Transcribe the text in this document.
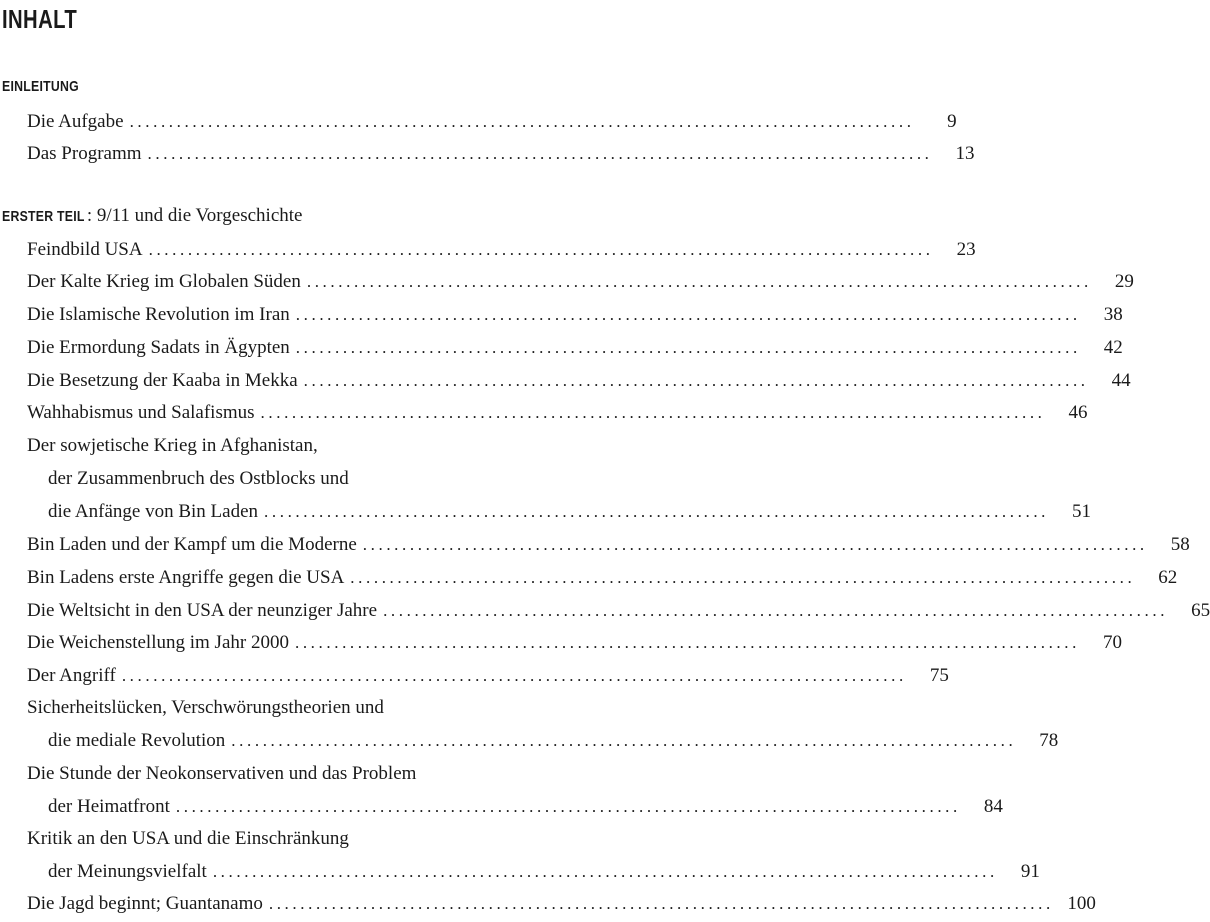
INHALT
EINLEITUNG
Die Aufgabe ....................................................................................................	9
Das Programm ....................................................................................................	13
ERSTER TEIL : 9/11 und die Vorgeschichte
Feindbild USA ....................................................................................................	23
Der Kalte Krieg im Globalen Süden ....................................................................................................	29
Die Islamische Revolution im Iran ....................................................................................................	38
Die Ermordung Sadats in Ägypten ....................................................................................................	42
Die Besetzung der Kaaba in Mekka ....................................................................................................	44
Wahhabismus und Salafismus ....................................................................................................	46
Der sowjetische Krieg in Afghanistan,
der Zusammenbruch des Ostblocks und
die Anfänge von Bin Laden ....................................................................................................	51
Bin Laden und der Kampf um die Moderne ....................................................................................................	58
Bin Ladens erste Angriffe gegen die USA ....................................................................................................	62
Die Weltsicht in den USA der neunziger Jahre ....................................................................................................	65
Die Weichenstellung im Jahr 2000 ....................................................................................................	70
Der Angriff ....................................................................................................	75
Sicherheitslücken, Verschwörungstheorien und
die mediale Revolution ....................................................................................................	78
Die Stunde der Neokonservativen und das Problem
der Heimatfront ....................................................................................................	84
Kritik an den USA und die Einschränkung
der Meinungsvielfalt ....................................................................................................	91
Die Jagd beginnt; Guantanamo .................................................................................................... 100
